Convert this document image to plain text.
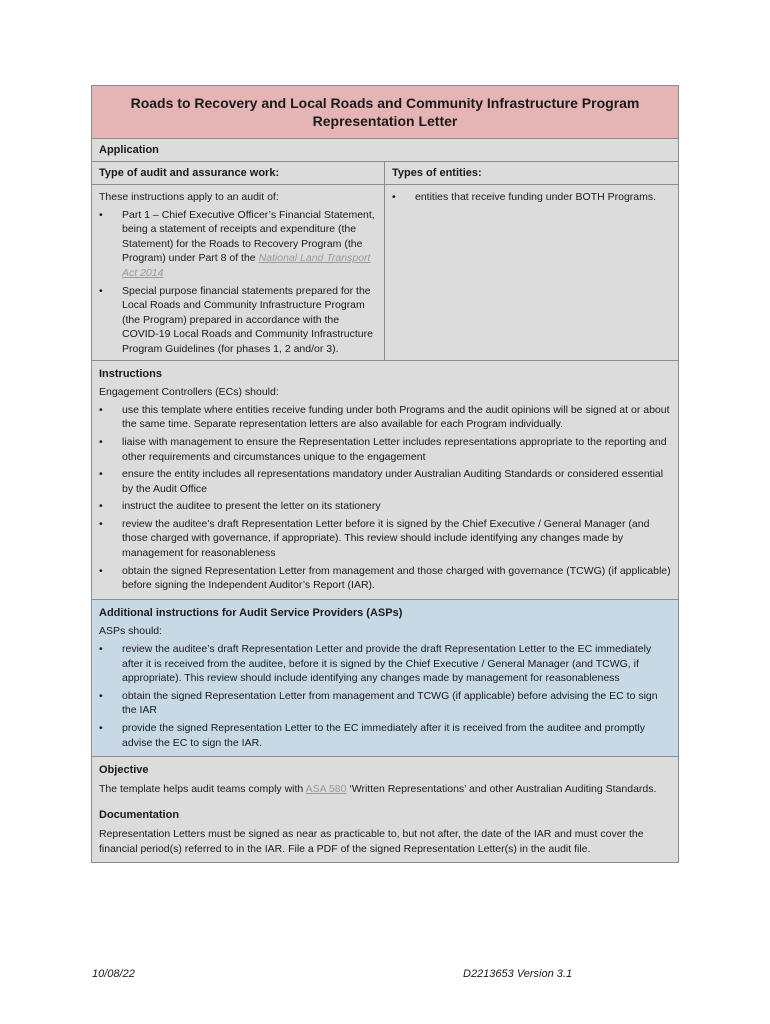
Roads to Recovery and Local Roads and Community Infrastructure Program
Representation Letter
Application
Type of audit and assurance work:

These instructions apply to an audit of:

• Part 1 – Chief Executive Officer’s Financial Statement, being a statement of receipts and expenditure (the Statement) for the Roads to Recovery Program (the Program) under Part 8 of the National Land Transport Act 2014
• Special purpose financial statements prepared for the Local Roads and Community Infrastructure Program (the Program) prepared in accordance with the COVID-19 Local Roads and Community Infrastructure Program Guidelines (for phases 1, 2 and/or 3).
Types of entities:
• entities that receive funding under BOTH Programs.
Instructions

Engagement Controllers (ECs) should:

• use this template where entities receive funding under both Programs and the audit opinions will be signed at or about the same time. Separate representation letters are also available for each Program individually.
• liaise with management to ensure the Representation Letter includes representations appropriate to the reporting and other requirements and circumstances unique to the engagement
• ensure the entity includes all representations mandatory under Australian Auditing Standards or considered essential by the Audit Office
• instruct the auditee to present the letter on its stationery
• review the auditee’s draft Representation Letter before it is signed by the Chief Executive / General Manager (and those charged with governance, if appropriate). This review should include identifying any changes made by management for reasonableness
• obtain the signed Representation Letter from management and those charged with governance (TCWG) (if applicable) before signing the Independent Auditor’s Report (IAR).
Additional instructions for Audit Service Providers (ASPs)

ASPs should:

• review the auditee’s draft Representation Letter and provide the draft Representation Letter to the EC immediately after it is received from the auditee, before it is signed by the Chief Executive / General Manager (and TCWG, if appropriate). This review should include identifying any changes made by management for reasonableness
• obtain the signed Representation Letter from management and TCWG (if applicable) before advising the EC to sign the IAR
• provide the signed Representation Letter to the EC immediately after it is received from the auditee and promptly advise the EC to sign the IAR.
Objective

The template helps audit teams comply with ASA 580 ‘Written Representations’ and other Australian Auditing Standards.

Documentation

Representation Letters must be signed as near as practicable to, but not after, the date of the IAR and must cover the financial period(s) referred to in the IAR. File a PDF of the signed Representation Letter(s) in the audit file.

10/08/22	D2213653 Version 3.1
